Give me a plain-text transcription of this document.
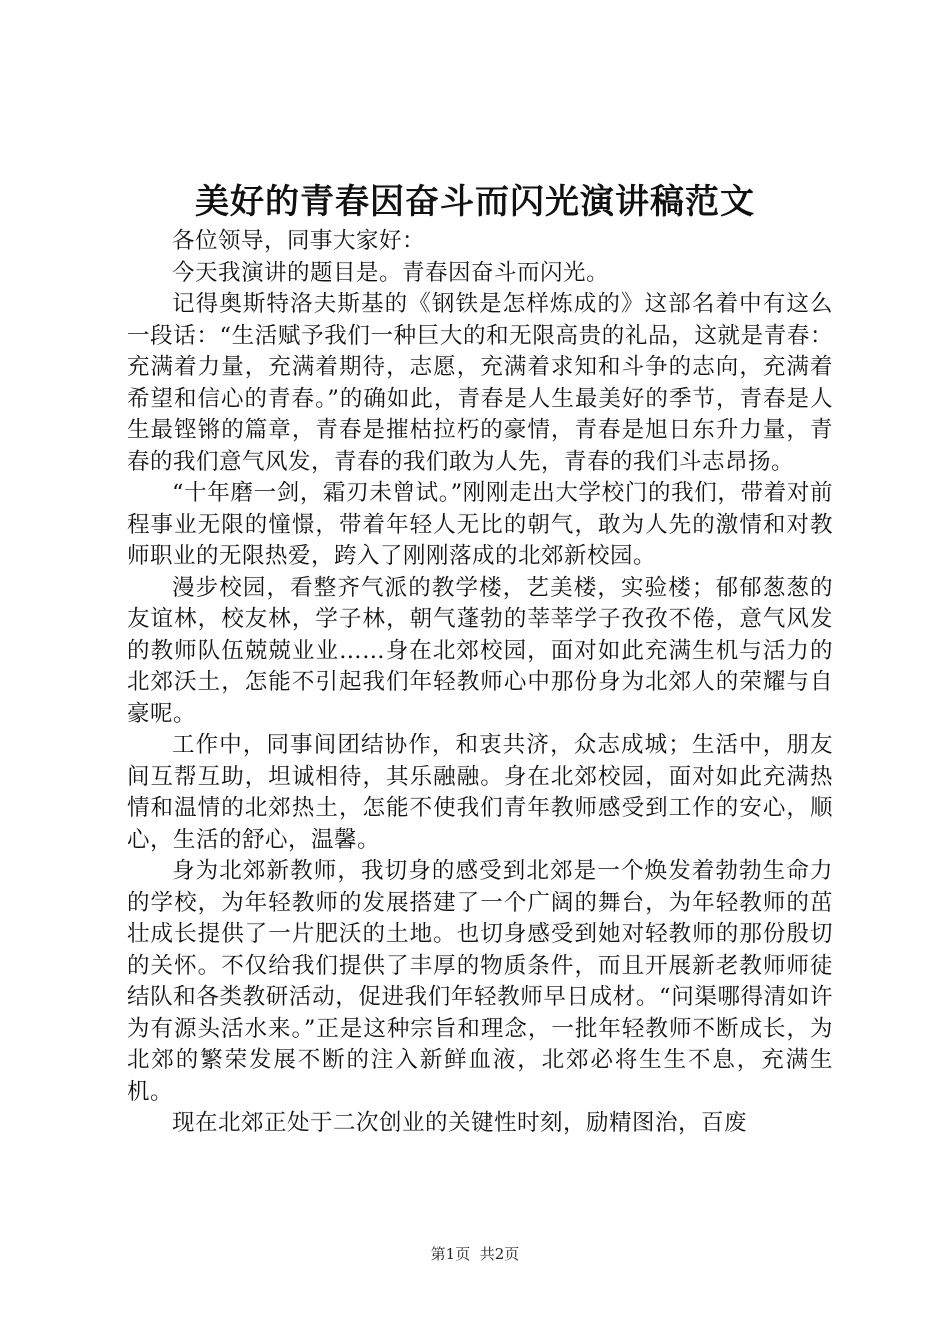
美好的青春因奋斗而闪光演讲稿范文

各位领导，同事大家好：

今天我演讲的题目是。青春因奋斗而闪光。

记得奥斯特洛夫斯基的《钢铁是怎样炼成的》这部名着中有这么一段话：“生活赋予我们一种巨大的和无限高贵的礼品，这就是青春：充满着力量，充满着期待，志愿，充满着求知和斗争的志向，充满着希望和信心的青春。”的确如此，青春是人生最美好的季节，青春是人生最铿锵的篇章，青春是摧枯拉朽的豪情，青春是旭日东升力量，青春的我们意气风发，青春的我们敢为人先，青春的我们斗志昂扬。

“十年磨一剑，霜刃未曾试。”刚刚走出大学校门的我们，带着对前程事业无限的憧憬，带着年轻人无比的朝气，敢为人先的激情和对教师职业的无限热爱，跨入了刚刚落成的北郊新校园。

漫步校园，看整齐气派的教学楼，艺美楼，实验楼；郁郁葱葱的友谊林，校友林，学子林，朝气蓬勃的莘莘学子孜孜不倦，意气风发的教师队伍兢兢业业……身在北郊校园，面对如此充满生机与活力的北郊沃土，怎能不引起我们年轻教师心中那份身为北郊人的荣耀与自豪呢。

工作中，同事间团结协作，和衷共济，众志成城；生活中，朋友间互帮互助，坦诚相待，其乐融融。身在北郊校园，面对如此充满热情和温情的北郊热土，怎能不使我们青年教师感受到工作的安心，顺心，生活的舒心，温馨。

身为北郊新教师，我切身的感受到北郊是一个焕发着勃勃生命力的学校，为年轻教师的发展搭建了一个广阔的舞台，为年轻教师的茁壮成长提供了一片肥沃的土地。也切身感受到她对轻教师的那份殷切的关怀。不仅给我们提供了丰厚的物质条件，而且开展新老教师师徒结队和各类教研活动，促进我们年轻教师早日成材。“问渠哪得清如许为有源头活水来。”正是这种宗旨和理念，一批年轻教师不断成长，为北郊的繁荣发展不断的注入新鲜血液，北郊必将生生不息，充满生机。

现在北郊正处于二次创业的关键性时刻，励精图治，百废

第1页 共2页
